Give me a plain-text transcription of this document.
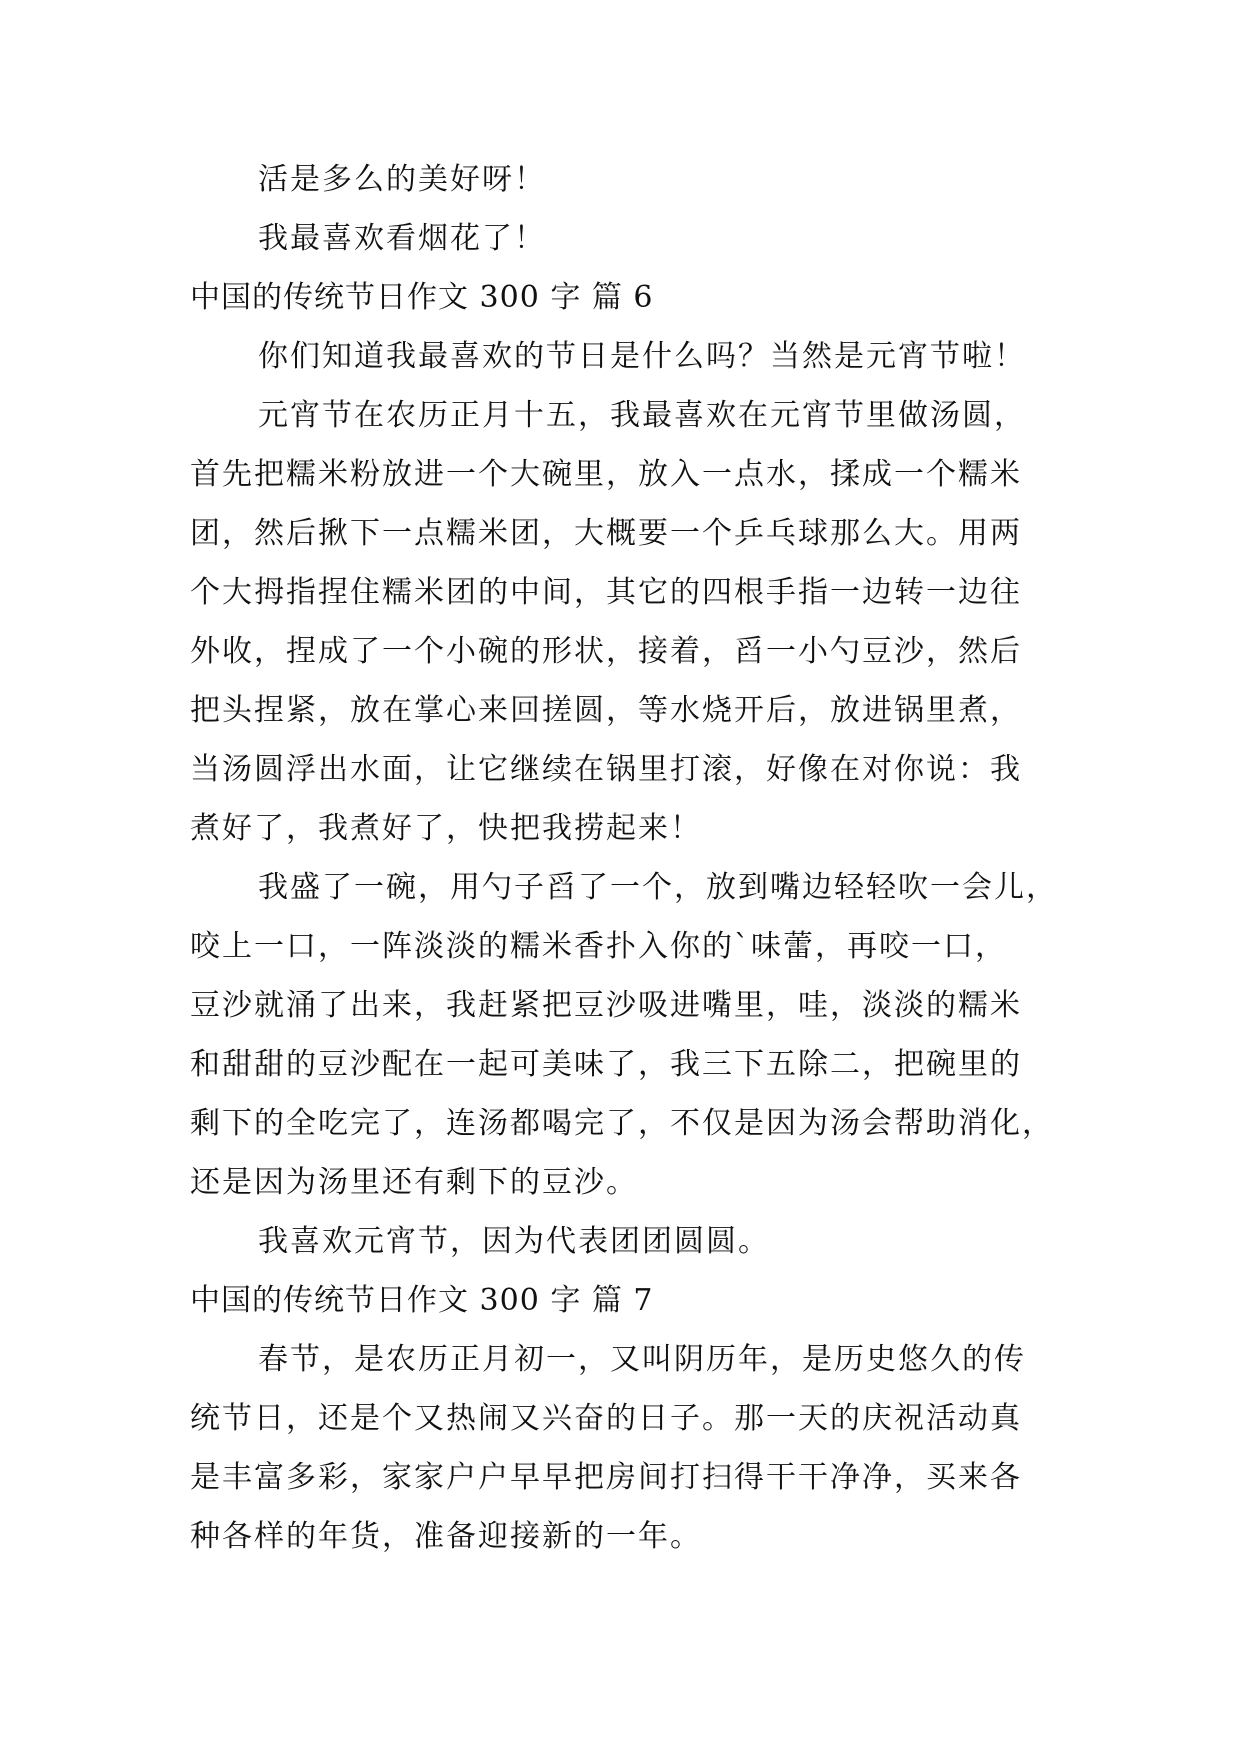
活是多么的美好呀！
我最喜欢看烟花了！
中国的传统节日作文 300 字 篇 6
你们知道我最喜欢的节日是什么吗？当然是元宵节啦！
元宵节在农历正月十五，我最喜欢在元宵节里做汤圆，
首先把糯米粉放进一个大碗里，放入一点水，揉成一个糯米
团，然后揪下一点糯米团，大概要一个乒乓球那么大。用两
个大拇指捏住糯米团的中间，其它的四根手指一边转一边往
外收，捏成了一个小碗的形状，接着，舀一小勺豆沙，然后
把头捏紧，放在掌心来回搓圆，等水烧开后，放进锅里煮，
当汤圆浮出水面，让它继续在锅里打滚，好像在对你说：我
煮好了，我煮好了，快把我捞起来！
我盛了一碗，用勺子舀了一个，放到嘴边轻轻吹一会儿，
咬上一口，一阵淡淡的糯米香扑入你的`味蕾，再咬一口，
豆沙就涌了出来，我赶紧把豆沙吸进嘴里，哇，淡淡的糯米
和甜甜的豆沙配在一起可美味了，我三下五除二，把碗里的
剩下的全吃完了，连汤都喝完了，不仅是因为汤会帮助消化，
还是因为汤里还有剩下的豆沙。
我喜欢元宵节，因为代表团团圆圆。
中国的传统节日作文 300 字 篇 7
春节，是农历正月初一，又叫阴历年，是历史悠久的传
统节日，还是个又热闹又兴奋的日子。那一天的庆祝活动真
是丰富多彩，家家户户早早把房间打扫得干干净净，买来各
种各样的年货，准备迎接新的一年。
